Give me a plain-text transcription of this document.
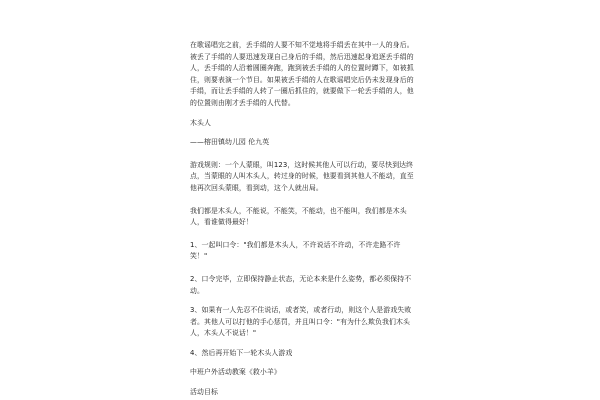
在歌谣唱完之前，丢手绢的人要不知不觉地将手绢丢在其中一人的身后。被丢了手绢的人要迅速发现自己身后的手绢，然后迅速起身追逐丢手绢的人，丢手绢的人沿着圆圈奔跑，跑到被丢手绢的人的位置时蹲下，如被抓住，则要表演一个节目。如果被丢手绢的人在歌谣唱完后仍未发现身后的手绢，而让丢手绢的人转了一圈后抓住的，就要做下一轮丢手绢的人，他的位置则由刚才丢手绢的人代替。

木头人

——榕田镇幼儿园 伦九英

游戏规则：一个人蒙眼，叫123，这时候其他人可以行动，要尽快到达终点，当蒙眼的人叫木头人，转过身的时候，他要看到其他人不能动，直至他再次回头蒙眼，看到动，这个人就出局。

我们都是木头人，不能说，不能笑，不能动，也不能叫，我们都是木头人，看谁做得最好！

1、一起叫口令："我们都是木头人，不许说话不许动，不许走路不许笑！"

2、口令完毕，立即保持静止状态，无论本来是什么姿势，都必须保持不动。

3、如果有一人先忍不住说话，或者笑，或者行动，则这个人是游戏失败者。其他人可以打他的手心惩罚，并且叫口令："有为什么欺负我们木头人，木头人不说话！"

4、然后再开始下一轮木头人游戏

中班户外活动教案《救小羊》

活动目标
